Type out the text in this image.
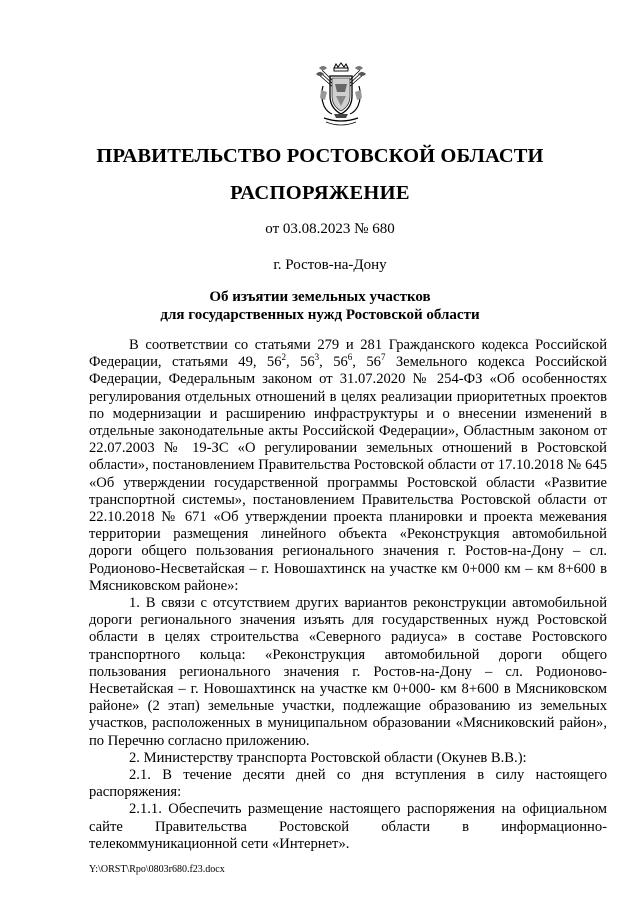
ПРАВИТЕЛЬСТВО РОСТОВСКОЙ ОБЛАСТИ
РАСПОРЯЖЕНИЕ
от 03.08.2023 № 680
г. Ростов-на-Дону
Об изъятии земельных участков
для государственных нужд Ростовской области

В соответствии со статьями 279 и 281 Гражданского кодекса Российской Федерации, статьями 49, $56^2$, $56^3$, $56^6$, $56^7$ Земельного кодекса Российской Федерации, Федеральным законом от 31.07.2020 № 254-ФЗ «Об особенностях регулирования отдельных отношений в целях реализации приоритетных проектов по модернизации и расширению инфраструктуры и о внесении изменений в отдельные законодательные акты Российской Федерации», Областным законом от 22.07.2003 № 19-ЗС «О регулировании земельных отношений в Ростовской области», постановлением Правительства Ростовской области от 17.10.2018 № 645 «Об утверждении государственной программы Ростовской области «Развитие транспортной системы», постановлением Правительства Ростовской области от 22.10.2018 № 671 «Об утверждении проекта планировки и проекта межевания территории размещения линейного объекта «Реконструкция автомобильной дороги общего пользования регионального значения г. Ростов-на-Дону – сл. Родионово-Несветайская – г. Новошахтинск на участке км 0+000 км – км 8+600 в Мясниковском районе»:

1. В связи с отсутствием других вариантов реконструкции автомобильной дороги регионального значения изъять для государственных нужд Ростовской области в целях строительства «Северного радиуса» в составе Ростовского транспортного кольца: «Реконструкция автомобильной дороги общего пользования регионального значения г. Ростов-на-Дону – сл. Родионово-Несветайская – г. Новошахтинск на участке км 0+000- км 8+600 в Мясниковском районе» (2 этап) земельные участки, подлежащие образованию из земельных участков, расположенных в муниципальном образовании «Мясниковский район», по Перечню согласно приложению.

2. Министерству транспорта Ростовской области (Окунев В.В.):

2.1. В течение десяти дней со дня вступления в силу настоящего распоряжения:

2.1.1. Обеспечить размещение настоящего распоряжения на официальном сайте Правительства Ростовской области в информационно-телекоммуникационной сети «Интернет».

Y:\ORST\Rpo\0803r680.f23.docx
